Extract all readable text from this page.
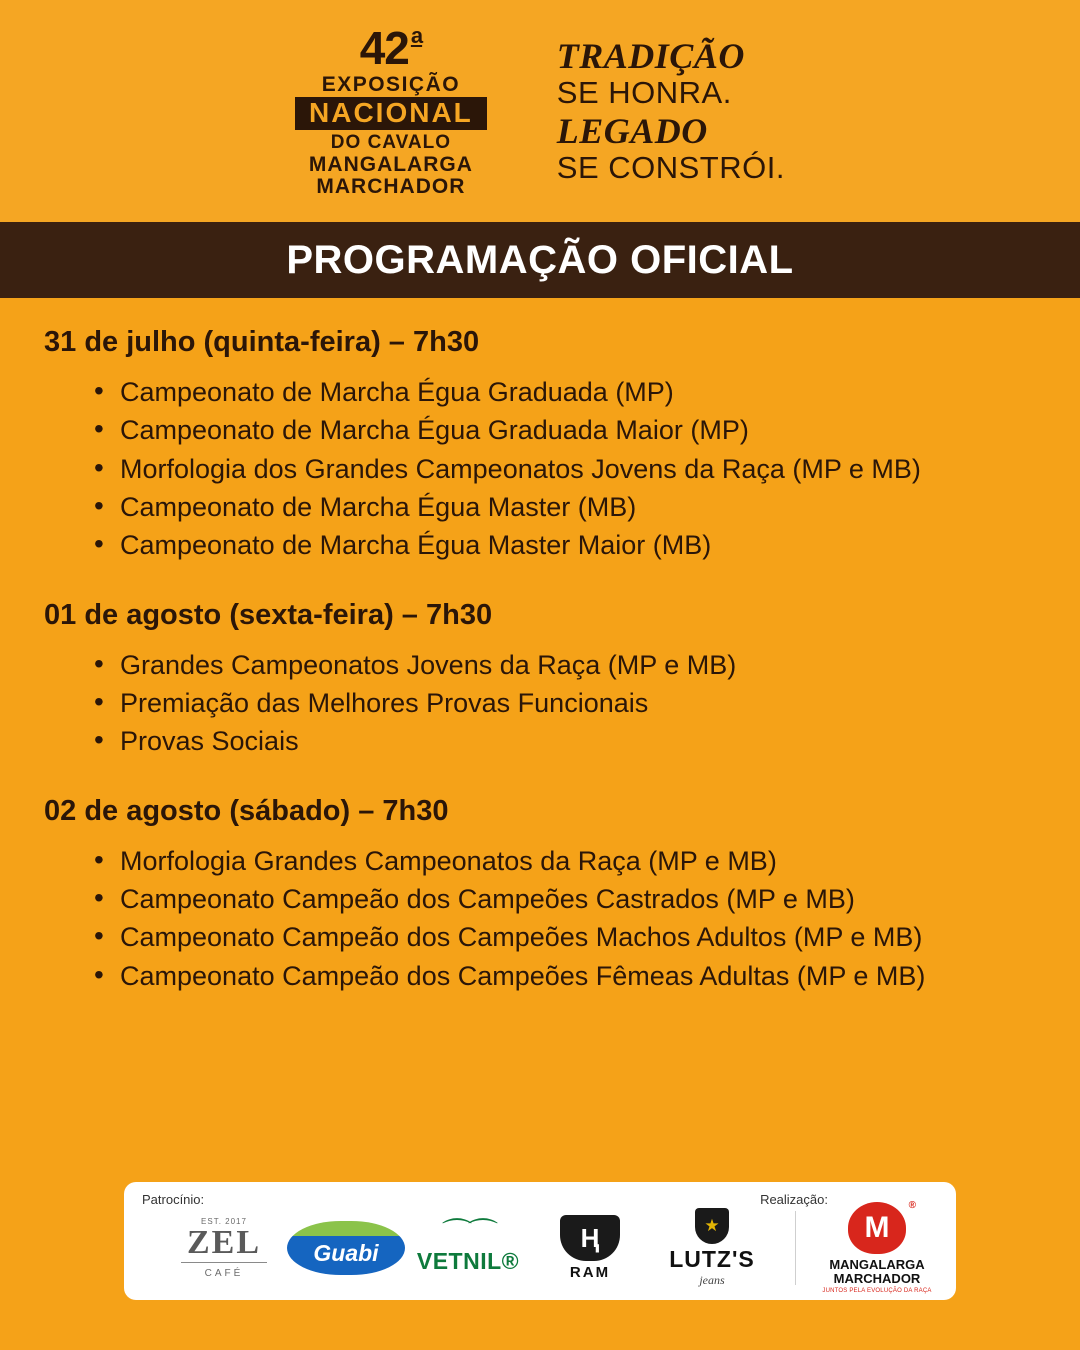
42 a
EXPOSIÇÃO
NACIONAL
DO CAVALO
MANGALARGA
MARCHADOR
TRADIÇÃO
SE HONRA.
LEGADO
SE CONSTRÓI.
PROGRAMAÇÃO OFICIAL
31 de julho (quinta-feira) – 7h30
• Campeonato de Marcha Égua Graduada (MP)
• Campeonato de Marcha Égua Graduada Maior (MP)
• Morfologia dos Grandes Campeonatos Jovens da Raça (MP e MB)
• Campeonato de Marcha Égua Master (MB)
• Campeonato de Marcha Égua Master Maior (MB)
01 de agosto (sexta-feira) – 7h30
• Grandes Campeonatos Jovens da Raça (MP e MB)
• Premiação das Melhores Provas Funcionais
• Provas Sociais
02 de agosto (sábado) – 7h30
• Morfologia Grandes Campeonatos da Raça (MP e MB)
• Campeonato Campeão dos Campeões Castrados (MP e MB)
• Campeonato Campeão dos Campeões Machos Adultos (MP e MB)
• Campeonato Campeão dos Campeões Fêmeas Adultas (MP e MB)
Patrocínio:	Realização:
EST. 2017
ZEL
CAFÉ
Guabi
⌒⌒
VETNIL®
Ⱨ
RAM
★
LUTZ'S
jeans
M
®
MANGALARGA
MARCHADOR
JUNTOS PELA EVOLUÇÃO DA RAÇA
